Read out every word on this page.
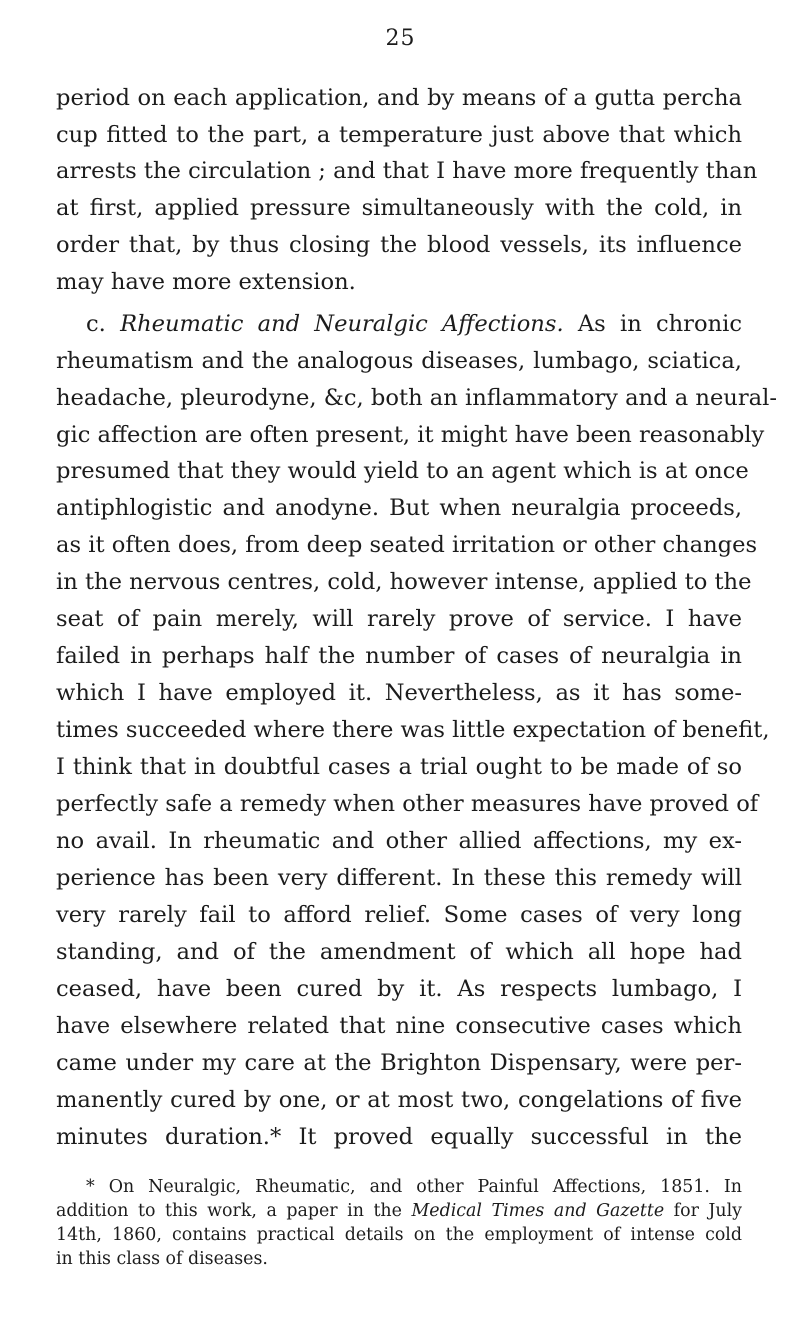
25
period on each application, and by means of a gutta percha
cup fitted to the part, a temperature just above that which
arrests the circulation ; and that I have more frequently than
at first, applied pressure simultaneously with the cold, in
order that, by thus closing the blood vessels, its influence
may have more extension.
c. Rheumatic and Neuralgic Affections. As in chronic
rheumatism and the analogous diseases, lumbago, sciatica,
headache, pleurodyne, &c, both an inflammatory and a neural-
gic affection are often present, it might have been reasonably
presumed that they would yield to an agent which is at once
antiphlogistic and anodyne. But when neuralgia proceeds,
as it often does, from deep seated irritation or other changes
in the nervous centres, cold, however intense, applied to the
seat of pain merely, will rarely prove of service. I have
failed in perhaps half the number of cases of neuralgia in
which I have employed it. Nevertheless, as it has some-
times succeeded where there was little expectation of benefit,
I think that in doubtful cases a trial ought to be made of so
perfectly safe a remedy when other measures have proved of
no avail. In rheumatic and other allied affections, my ex-
perience has been very different. In these this remedy will
very rarely fail to afford relief. Some cases of very long
standing, and of the amendment of which all hope had
ceased, have been cured by it. As respects lumbago, I
have elsewhere related that nine consecutive cases which
came under my care at the Brighton Dispensary, were per-
manently cured by one, or at most two, congelations of five
minutes duration.* It proved equally successful in the
* On Neuralgic, Rheumatic, and other Painful Affections, 1851. In
addition to this work, a paper in the Medical Times and Gazette for July
14th, 1860, contains practical details on the employment of intense cold
in this class of diseases.
